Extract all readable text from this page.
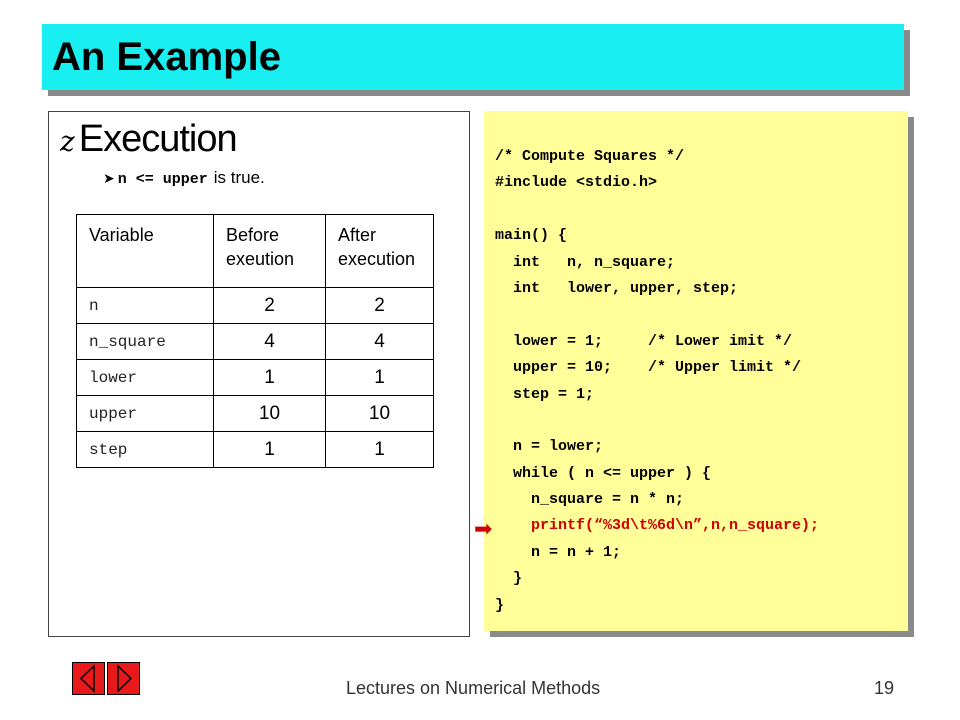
An Example
z Execution
➤ n <= upper is true.
Variable	Before exeution	After execution
n	2	2
n_square	4	4
lower	1	1
upper	10	10
step	1	1
/* Compute Squares */
#include <stdio.h>
main() {
int   n, n_square;
int   lower, upper, step;
lower = 1;     /* Lower imit */
upper = 10;    /* Upper limit */
step = 1;
n = lower;
while ( n <= upper ) {
n_square = n * n;
printf(“%3d\t%6d\n”,n,n_square);
n = n + 1;
}
}
➡
Lectures on Numerical Methods	19
